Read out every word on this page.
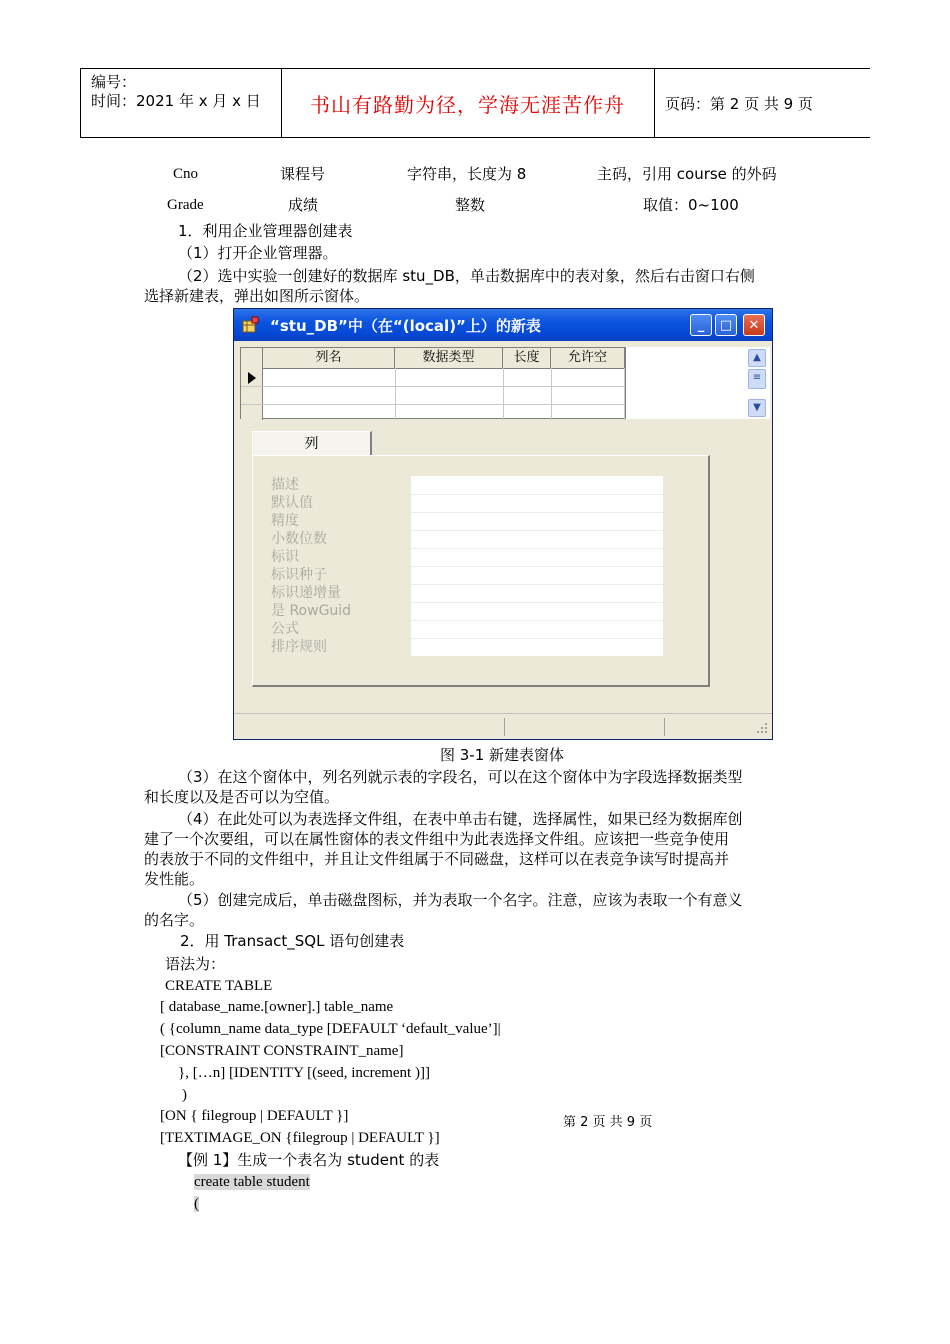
编号：
时间：2021 年 x 月 x 日	书山有路勤为径，学海无涯苦作舟	页码：第 2 页 共 9 页
Cno	课程号	字符串，长度为 8	主码，引用 course 的外码
Grade	成绩	整数	取值：0~100
1．利用企业管理器创建表
（1）打开企业管理器。
（2）选中实验一创建好的数据库 stu_DB，单击数据库中的表对象，然后右击窗口右侧
选择新建表，弹出如图所示窗体。
“stu_DB”中（在“(local)”上）的新表	_	□	✕
列名	数据类型	长度	允许空	▲
≡
▼
列
描述
默认值
精度
小数位数
标识
标识种子
标识递增量
是 RowGuid
公式
排序规则
图 3-1 新建表窗体
（3）在这个窗体中，列名列就示表的字段名，可以在这个窗体中为字段选择数据类型
和长度以及是否可以为空值。
（4）在此处可以为表选择文件组，在表中单击右键，选择属性，如果已经为数据库创
建了一个次要组，可以在属性窗体的表文件组中为此表选择文件组。应该把一些竞争使用
的表放于不同的文件组中，并且让文件组属于不同磁盘，这样可以在表竞争读写时提高并
发性能。
（5）创建完成后，单击磁盘图标，并为表取一个名字。注意，应该为表取一个有意义
的名字。
2．用 Transact_SQL 语句创建表
语法为：
CREATE TABLE
[ database_name.[owner].] table_name
( {column_name data_type [DEFAULT ‘default_value’]|
[CONSTRAINT CONSTRAINT_name]
}, […n] [IDENTITY [(seed, increment )]]
)
[ON { filegroup | DEFAULT }]
[TEXTIMAGE_ON {filegroup | DEFAULT }]
第 2 页 共 9 页
【例 1】生成一个表名为 student 的表
create table student
(
